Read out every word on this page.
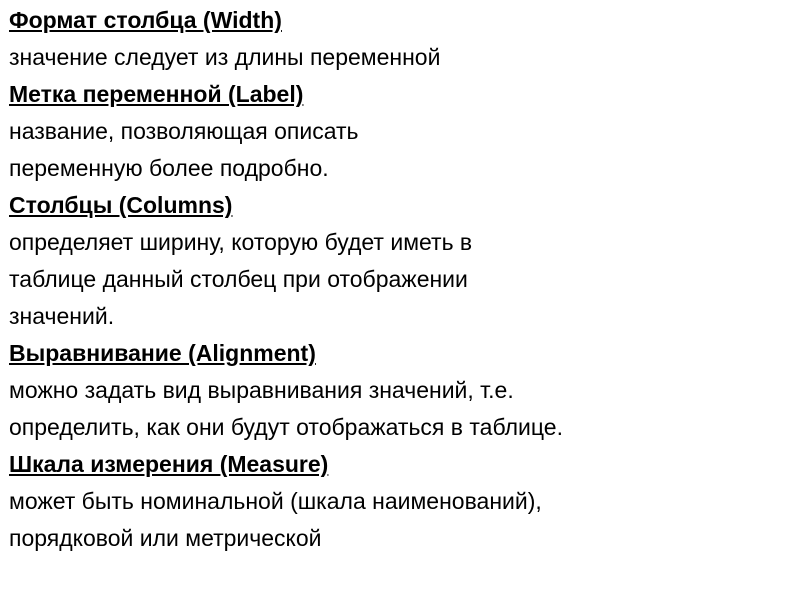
Формат столбца (Width)
значение следует из длины переменной
Метка переменной (Label)
название, позволяющая описать
переменную более подробно.
Столбцы (Columns)
определяет ширину, которую будет иметь в
таблице данный столбец при отображении
значений.
Выравнивание (Alignment)
можно задать вид выравнивания значений, т.е.
определить, как они будут отображаться в таблице.
Шкала измерения (Measure)
может быть номинальной (шкала наименований),
порядковой или метрической
